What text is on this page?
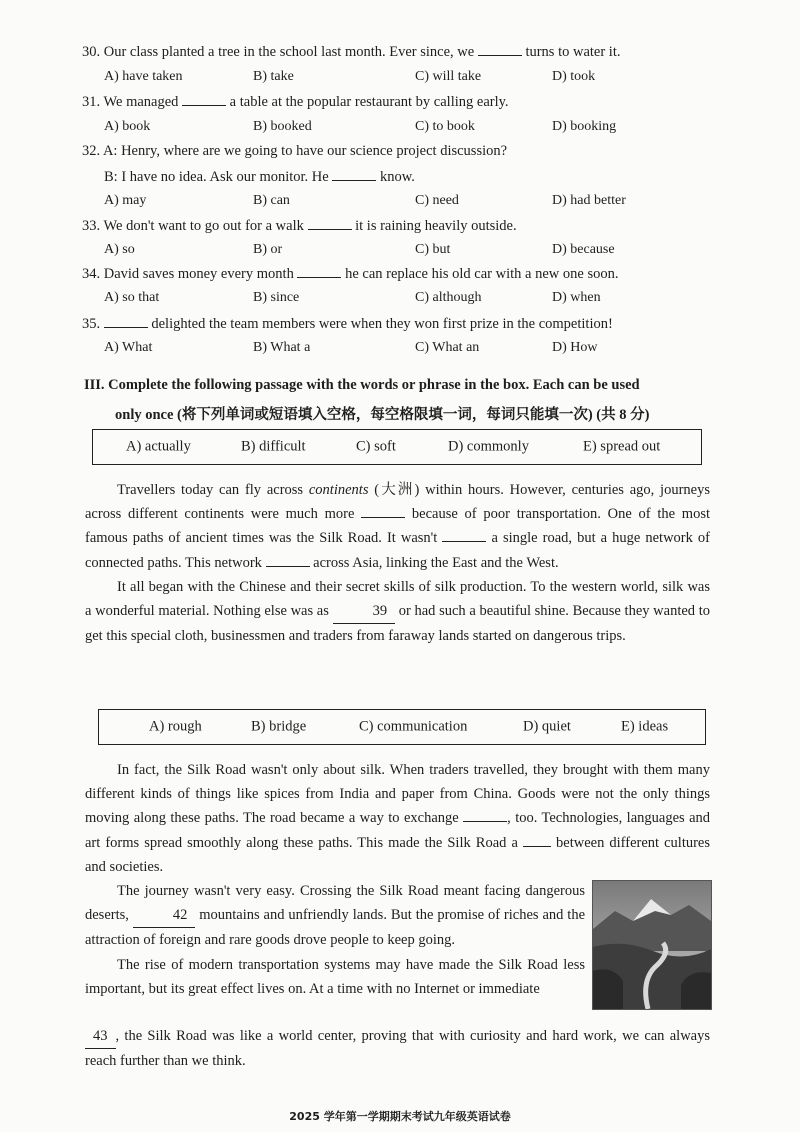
30. Our class planted a tree in the school last month. Ever since, we	turns to water it.
A) have taken	B) take	C) will take	D) took
31. We managed	a table at the popular restaurant by calling early.
A) book	B) booked	C) to book	D) booking
32. A: Henry, where are we going to have our science project discussion?
B: I have no idea. Ask our monitor. He	know.
A) may	B) can	C) need	D) had better
33. We don't want to go out for a walk	it is raining heavily outside.
A) so	B) or	C) but	D) because
34. David saves money every month	he can replace his old car with a new one soon.
A) so that	B) since	C) although	D) when
35.	delighted the team members were when they won first prize in the competition!
A) What	B) What a	C) What an	D) How
III. Complete the following passage with the words or phrase in the box. Each can be used
only once (将下列单词或短语填入空格，每空格限填一词，每词只能填一次) (共 8 分)
A) actually	B) difficult	C) soft	D) commonly	E) spread out

Travellers today can fly across continents (大洲) within hours. However, centuries ago, journeys across different continents were much more	because of poor transportation. One of the most famous paths of ancient times was the Silk Road. It wasn't	a single road, but a huge network of connected paths. This network	across Asia, linking the East and the West.

It all began with the Chinese and their secret skills of silk production. To the western world, silk was a wonderful material. Nothing else was as	39 or had such a beautiful shine. Because they wanted to get this special cloth, businessmen and traders from faraway lands started on dangerous trips.

A) rough	B) bridge	C) communication	D) quiet	E) ideas

In fact, the Silk Road wasn't only about silk. When traders travelled, they brought with them many different kinds of things like spices from India and paper from China. Goods were not the only things moving along these paths. The road became a way to exchange	, too. Technologies, languages and art forms spread smoothly along these paths. This made the Silk Road a	between different cultures and societies.

The journey wasn't very easy. Crossing the Silk Road meant facing dangerous deserts,	42 mountains and unfriendly lands. But the promise of riches and the attraction of foreign and rare goods drove people to keep going.

The rise of modern transportation systems may have made the Silk Road less important, but its great effect lives on. At a time with no Internet or immediate

43 , the Silk Road was like a world center, proving that with curiosity and hard work, we can always reach further than we think.

2025 学年第一学期期末考试九年级英语试卷
